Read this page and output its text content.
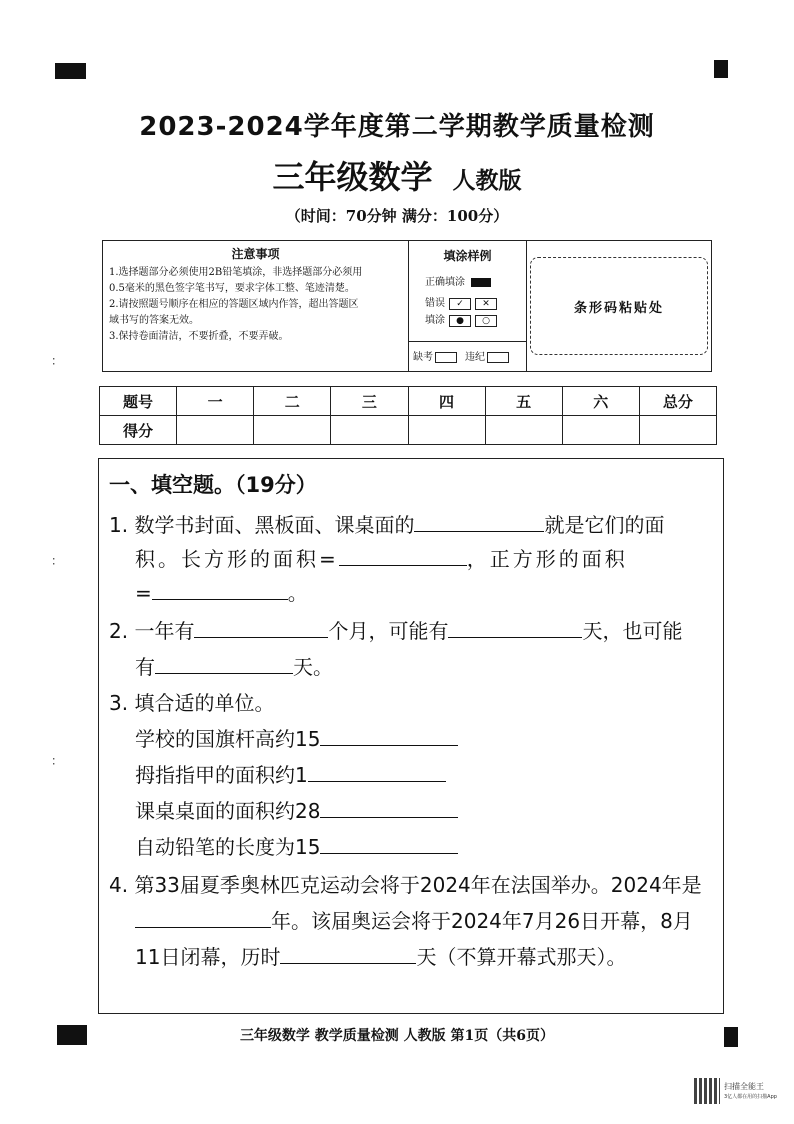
∶
∶
∶
2023-2024学年度第二学期教学质量检测
三年级数学 人教版
（时间：70分钟 满分：100分）
注意事项
1.选择题部分必须使用2B铅笔填涂，非选择题部分必须用
0.5毫米的黑色签字笔书写，要求字体工整、笔迹清楚。
2.请按照题号顺序在相应的答题区域内作答，超出答题区
域书写的答案无效。
3.保持卷面清洁，不要折叠，不要弄破。
填涂样例
正确填涂
错误 ✓ ✕
填涂 ● ○
缺考	违纪
条形码粘贴处
题号	一	二	三	四	五	六	总分
得分							
一、填空题。（19分）
1. 数学书封面、黑板面、课桌面的	就是它们的面
积。长方形的面积=	，正方形的面积
=	。
2. 一年有	个月，可能有	天，也可能
有	天。
3. 填合适的单位。
学校的国旗杆高约15
拇指指甲的面积约1
课桌桌面的面积约28
自动铅笔的长度为15
4. 第33届夏季奥林匹克运动会将于2024年在法国举办。2024年是
年。该届奥运会将于2024年7月26日开幕，8月
11日闭幕，历时	天（不算开幕式那天）。
三年级数学 教学质量检测 人教版 第1页（共6页）
扫描全能王
3亿人都在用的扫描App
